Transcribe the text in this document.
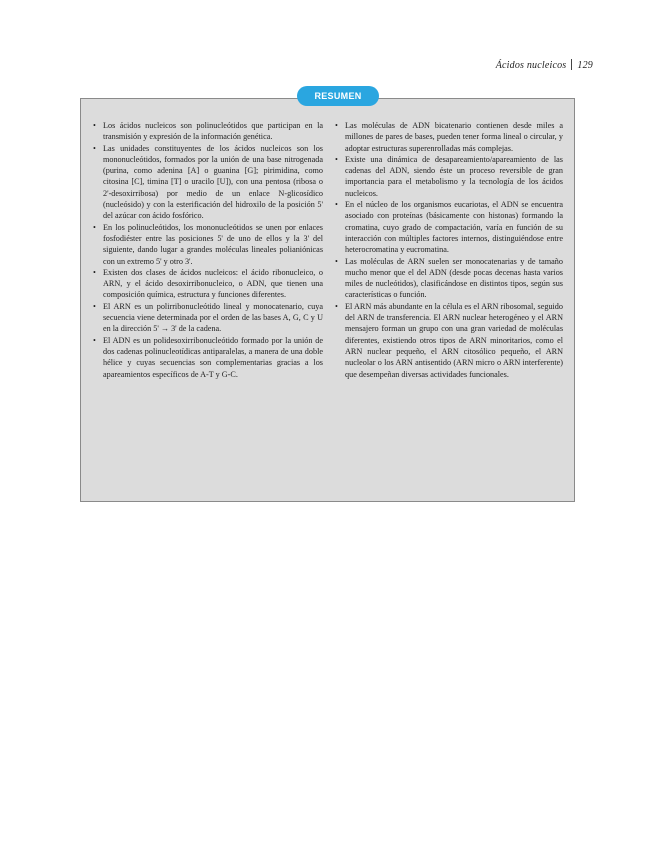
Ácidos nucleicos 129
RESUMEN
• Los ácidos nucleicos son polinucleótidos que participan en la transmisión y expresión de la información genética.
• Las unidades constituyentes de los ácidos nucleicos son los mononucleótidos, formados por la unión de una base nitrogenada (purina, como adenina [A] o guanina [G]; pirimidina, como citosina [C], timina [T] o uracilo [U]), con una pentosa (ribosa o 2'-desoxirribosa) por medio de un enlace N-glicosídico (nucleósido) y con la esterificación del hidroxilo de la posición 5' del azúcar con ácido fosfórico.
• En los polinucleótidos, los mononucleótidos se unen por enlaces fosfodiéster entre las posiciones 5' de uno de ellos y la 3' del siguiente, dando lugar a grandes moléculas lineales polianiónicas con un extremo 5' y otro 3'.
• Existen dos clases de ácidos nucleicos: el ácido ribonucleico, o ARN, y el ácido desoxirribonucleico, o ADN, que tienen una composición química, estructura y funciones diferentes.
• El ARN es un polirribonucleótido lineal y monocatenario, cuya secuencia viene determinada por el orden de las bases A, G, C y U en la dirección 5' → 3' de la cadena.
• El ADN es un polidesoxirribonucleótido formado por la unión de dos cadenas polinucleotídicas antiparalelas, a manera de una doble hélice y cuyas secuencias son complementarias gracias a los apareamientos específicos de A-T y G-C.
• Las moléculas de ADN bicatenario contienen desde miles a millones de pares de bases, pueden tener forma lineal o circular, y adoptar estructuras superenrolladas más complejas.
• Existe una dinámica de desapareamiento/apareamiento de las cadenas del ADN, siendo éste un proceso reversible de gran importancia para el metabolismo y la tecnología de los ácidos nucleicos.
• En el núcleo de los organismos eucariotas, el ADN se encuentra asociado con proteínas (básicamente con histonas) formando la cromatina, cuyo grado de compactación, varía en función de su interacción con múltiples factores internos, distinguiéndose entre heterocromatina y eucromatina.
• Las moléculas de ARN suelen ser monocatenarias y de tamaño mucho menor que el del ADN (desde pocas decenas hasta varios miles de nucleótidos), clasificándose en distintos tipos, según sus características o función.
• El ARN más abundante en la célula es el ARN ribosomal, seguido del ARN de transferencia. El ARN nuclear heterogéneo y el ARN mensajero forman un grupo con una gran variedad de moléculas diferentes, existiendo otros tipos de ARN minoritarios, como el ARN nuclear pequeño, el ARN citosólico pequeño, el ARN nucleolar o los ARN antisentido (ARN micro o ARN interferente) que desempeñan diversas actividades funcionales.
